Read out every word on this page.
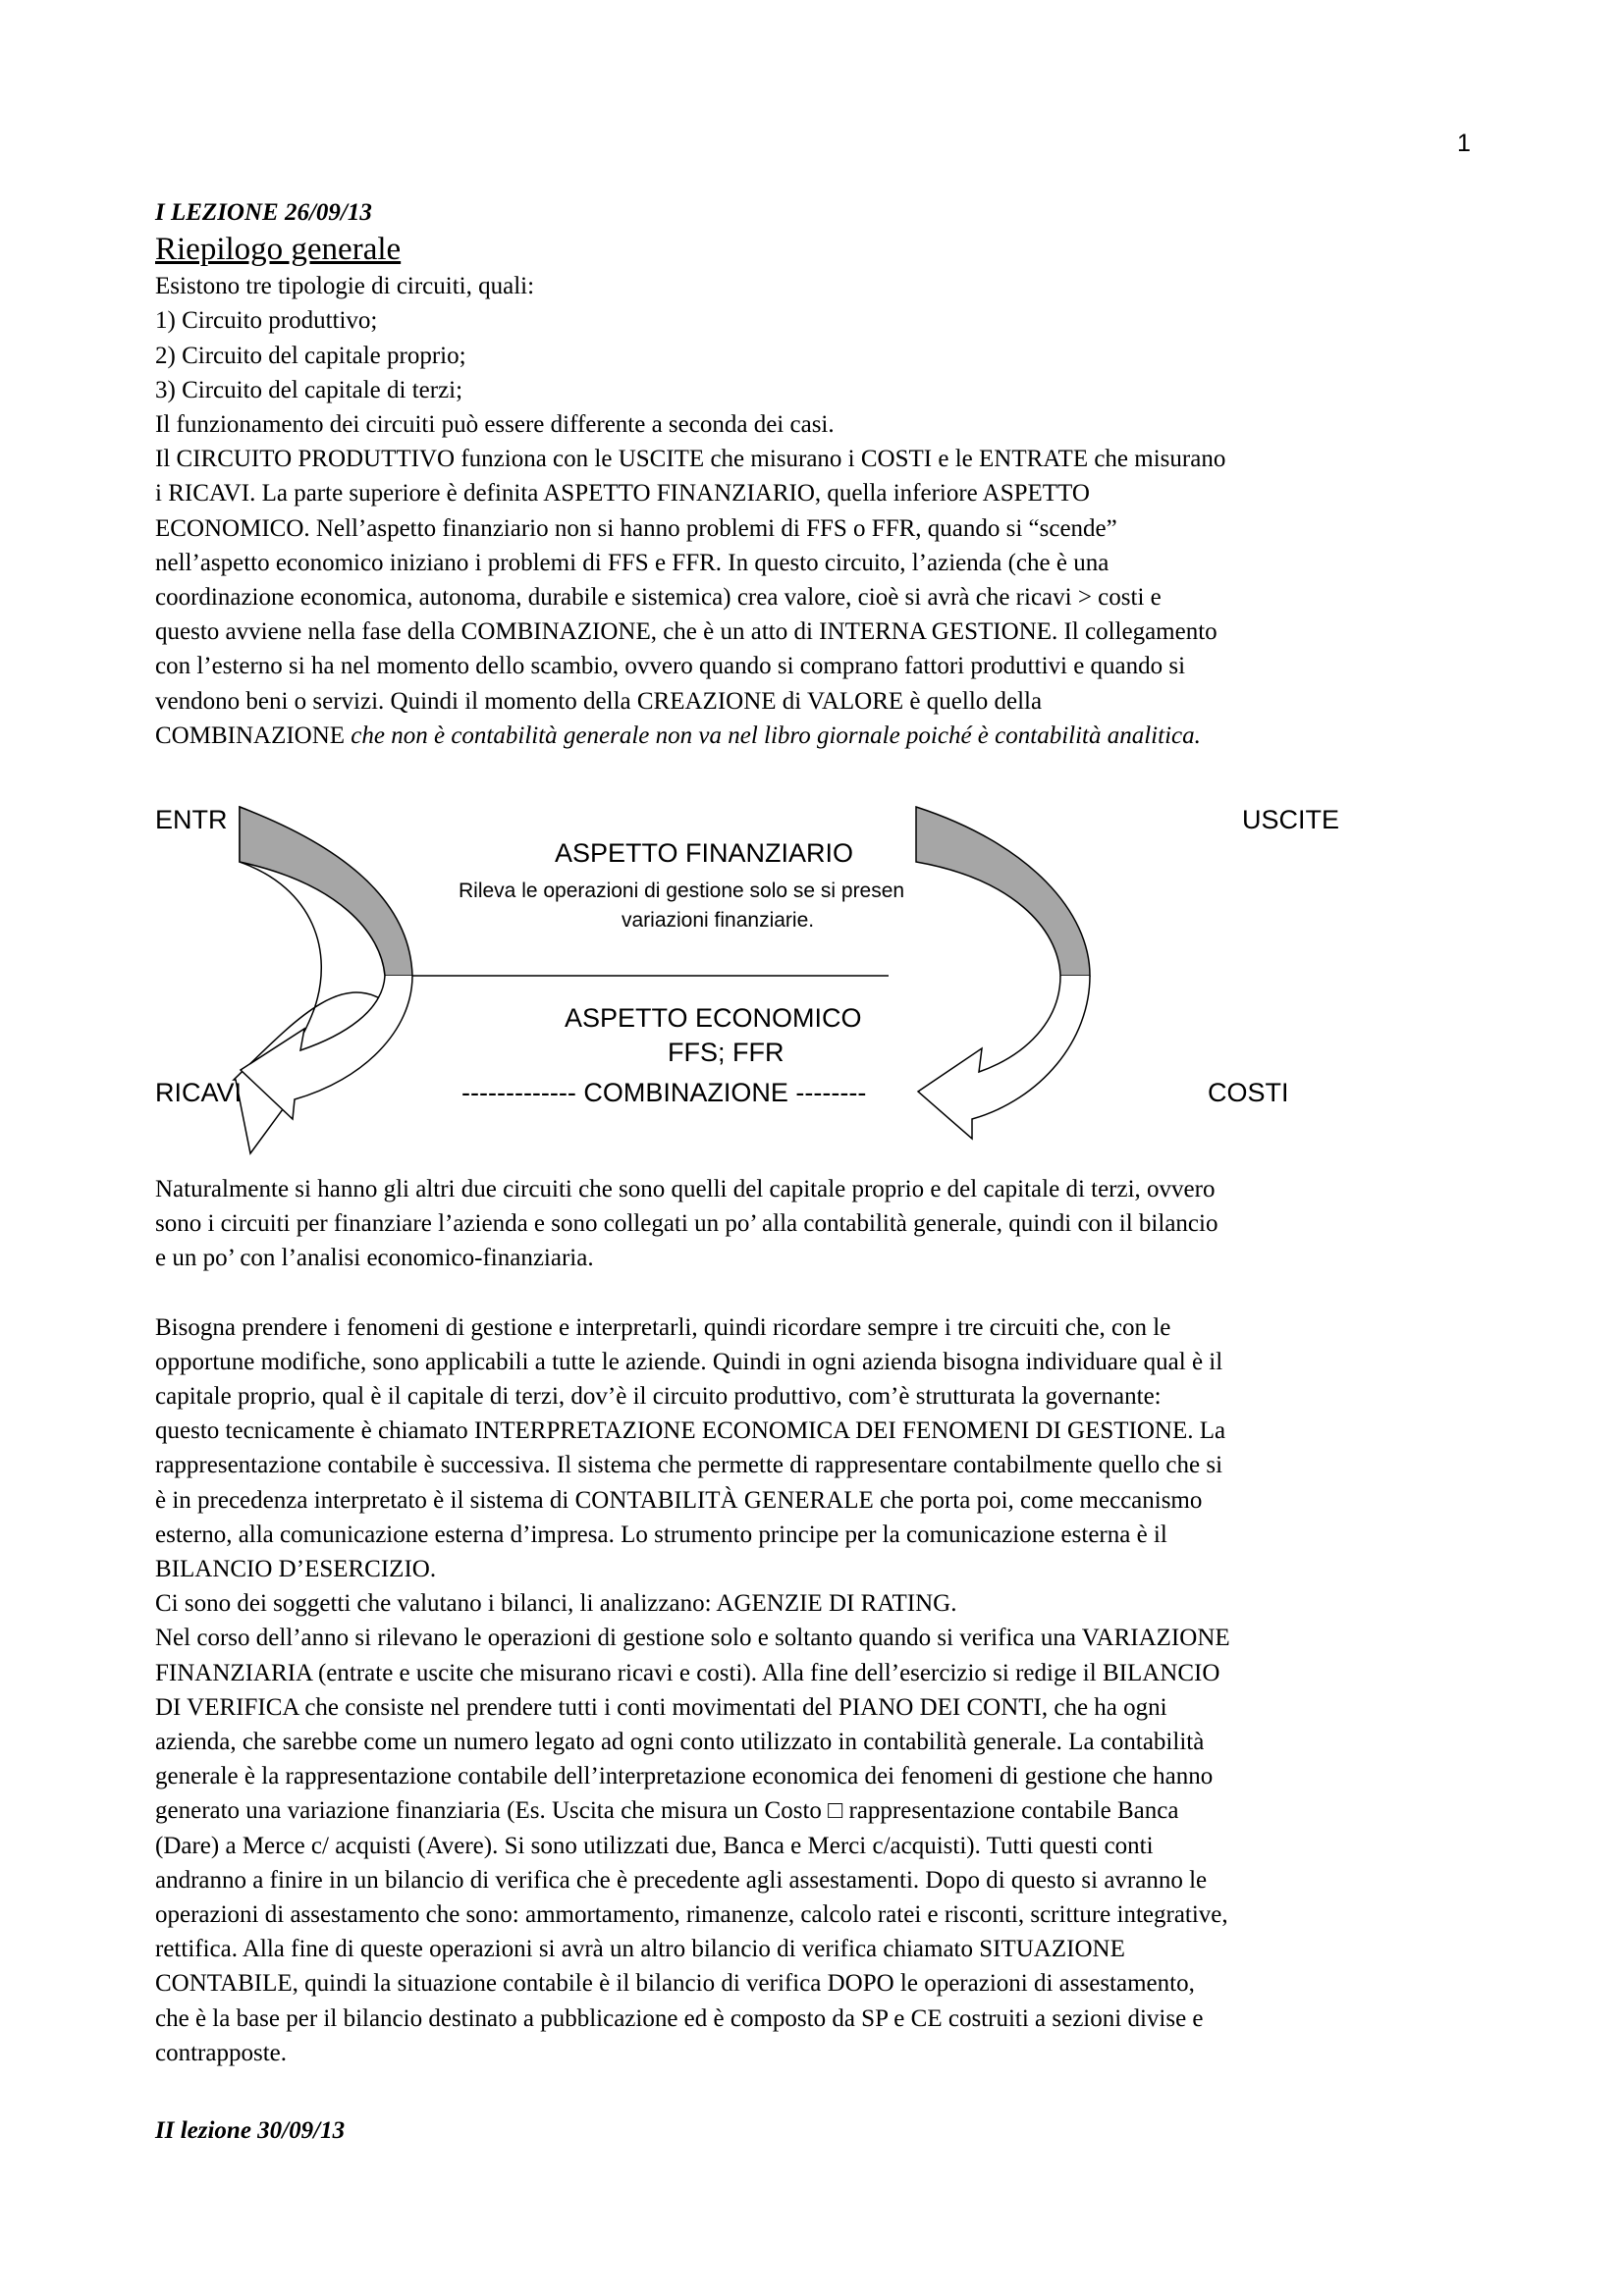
1
I LEZIONE 26/09/13
Riepilogo generale
Esistono tre tipologie di circuiti, quali:
1) Circuito produttivo;
2) Circuito del capitale proprio;
3) Circuito del capitale di terzi;
Il funzionamento dei circuiti può essere differente a seconda dei casi.
Il CIRCUITO PRODUTTIVO funziona con le USCITE che misurano i COSTI e le ENTRATE che misurano
i RICAVI. La parte superiore è definita ASPETTO FINANZIARIO, quella inferiore ASPETTO
ECONOMICO. Nell’aspetto finanziario non si hanno problemi di FFS o FFR, quando si “scende”
nell’aspetto economico iniziano i problemi di FFS e FFR. In questo circuito, l’azienda (che è una
coordinazione economica, autonoma, durabile e sistemica) crea valore, cioè si avrà che ricavi > costi e
questo avviene nella fase della COMBINAZIONE, che è un atto di INTERNA GESTIONE. Il collegamento
con l’esterno si ha nel momento dello scambio, ovvero quando si comprano fattori produttivi e quando si
vendono beni o servizi. Quindi il momento della CREAZIONE di VALORE è quello della
COMBINAZIONE che non è contabilità generale non va nel libro giornale poiché è contabilità analitica.
ENTR	USCITE
ASPETTO FINANZIARIO
Rileva le operazioni di gestione solo se si presen
variazioni finanziarie.
ASPETTO ECONOMICO
FFS; FFR
RICAVI	------------- COMBINAZIONE --------	COSTI
Naturalmente si hanno gli altri due circuiti che sono quelli del capitale proprio e del capitale di terzi, ovvero
sono i circuiti per finanziare l’azienda e sono collegati un po’ alla contabilità generale, quindi con il bilancio
e un po’ con l’analisi economico-finanziaria.
Bisogna prendere i fenomeni di gestione e interpretarli, quindi ricordare sempre i tre circuiti che, con le
opportune modifiche, sono applicabili a tutte le aziende. Quindi in ogni azienda bisogna individuare qual è il
capitale proprio, qual è il capitale di terzi, dov’è il circuito produttivo, com’è strutturata la governante:
questo tecnicamente è chiamato INTERPRETAZIONE ECONOMICA DEI FENOMENI DI GESTIONE. La
rappresentazione contabile è successiva. Il sistema che permette di rappresentare contabilmente quello che si
è in precedenza interpretato è il sistema di CONTABILITÀ GENERALE che porta poi, come meccanismo
esterno, alla comunicazione esterna d’impresa. Lo strumento principe per la comunicazione esterna è il
BILANCIO D’ESERCIZIO.
Ci sono dei soggetti che valutano i bilanci, li analizzano: AGENZIE DI RATING.
Nel corso dell’anno si rilevano le operazioni di gestione solo e soltanto quando si verifica una VARIAZIONE
FINANZIARIA (entrate e uscite che misurano ricavi e costi). Alla fine dell’esercizio si redige il BILANCIO
DI VERIFICA che consiste nel prendere tutti i conti movimentati del PIANO DEI CONTI, che ha ogni
azienda, che sarebbe come un numero legato ad ogni conto utilizzato in contabilità generale. La contabilità
generale è la rappresentazione contabile dell’interpretazione economica dei fenomeni di gestione che hanno
generato una variazione finanziaria (Es. Uscita che misura un Costo □ rappresentazione contabile Banca
(Dare) a Merce c/ acquisti (Avere). Si sono utilizzati due, Banca e Merci c/acquisti). Tutti questi conti
andranno a finire in un bilancio di verifica che è precedente agli assestamenti. Dopo di questo si avranno le
operazioni di assestamento che sono: ammortamento, rimanenze, calcolo ratei e risconti, scritture integrative,
rettifica. Alla fine di queste operazioni si avrà un altro bilancio di verifica chiamato SITUAZIONE
CONTABILE, quindi la situazione contabile è il bilancio di verifica DOPO le operazioni di assestamento,
che è la base per il bilancio destinato a pubblicazione ed è composto da SP e CE costruiti a sezioni divise e
contrapposte.
II lezione 30/09/13
